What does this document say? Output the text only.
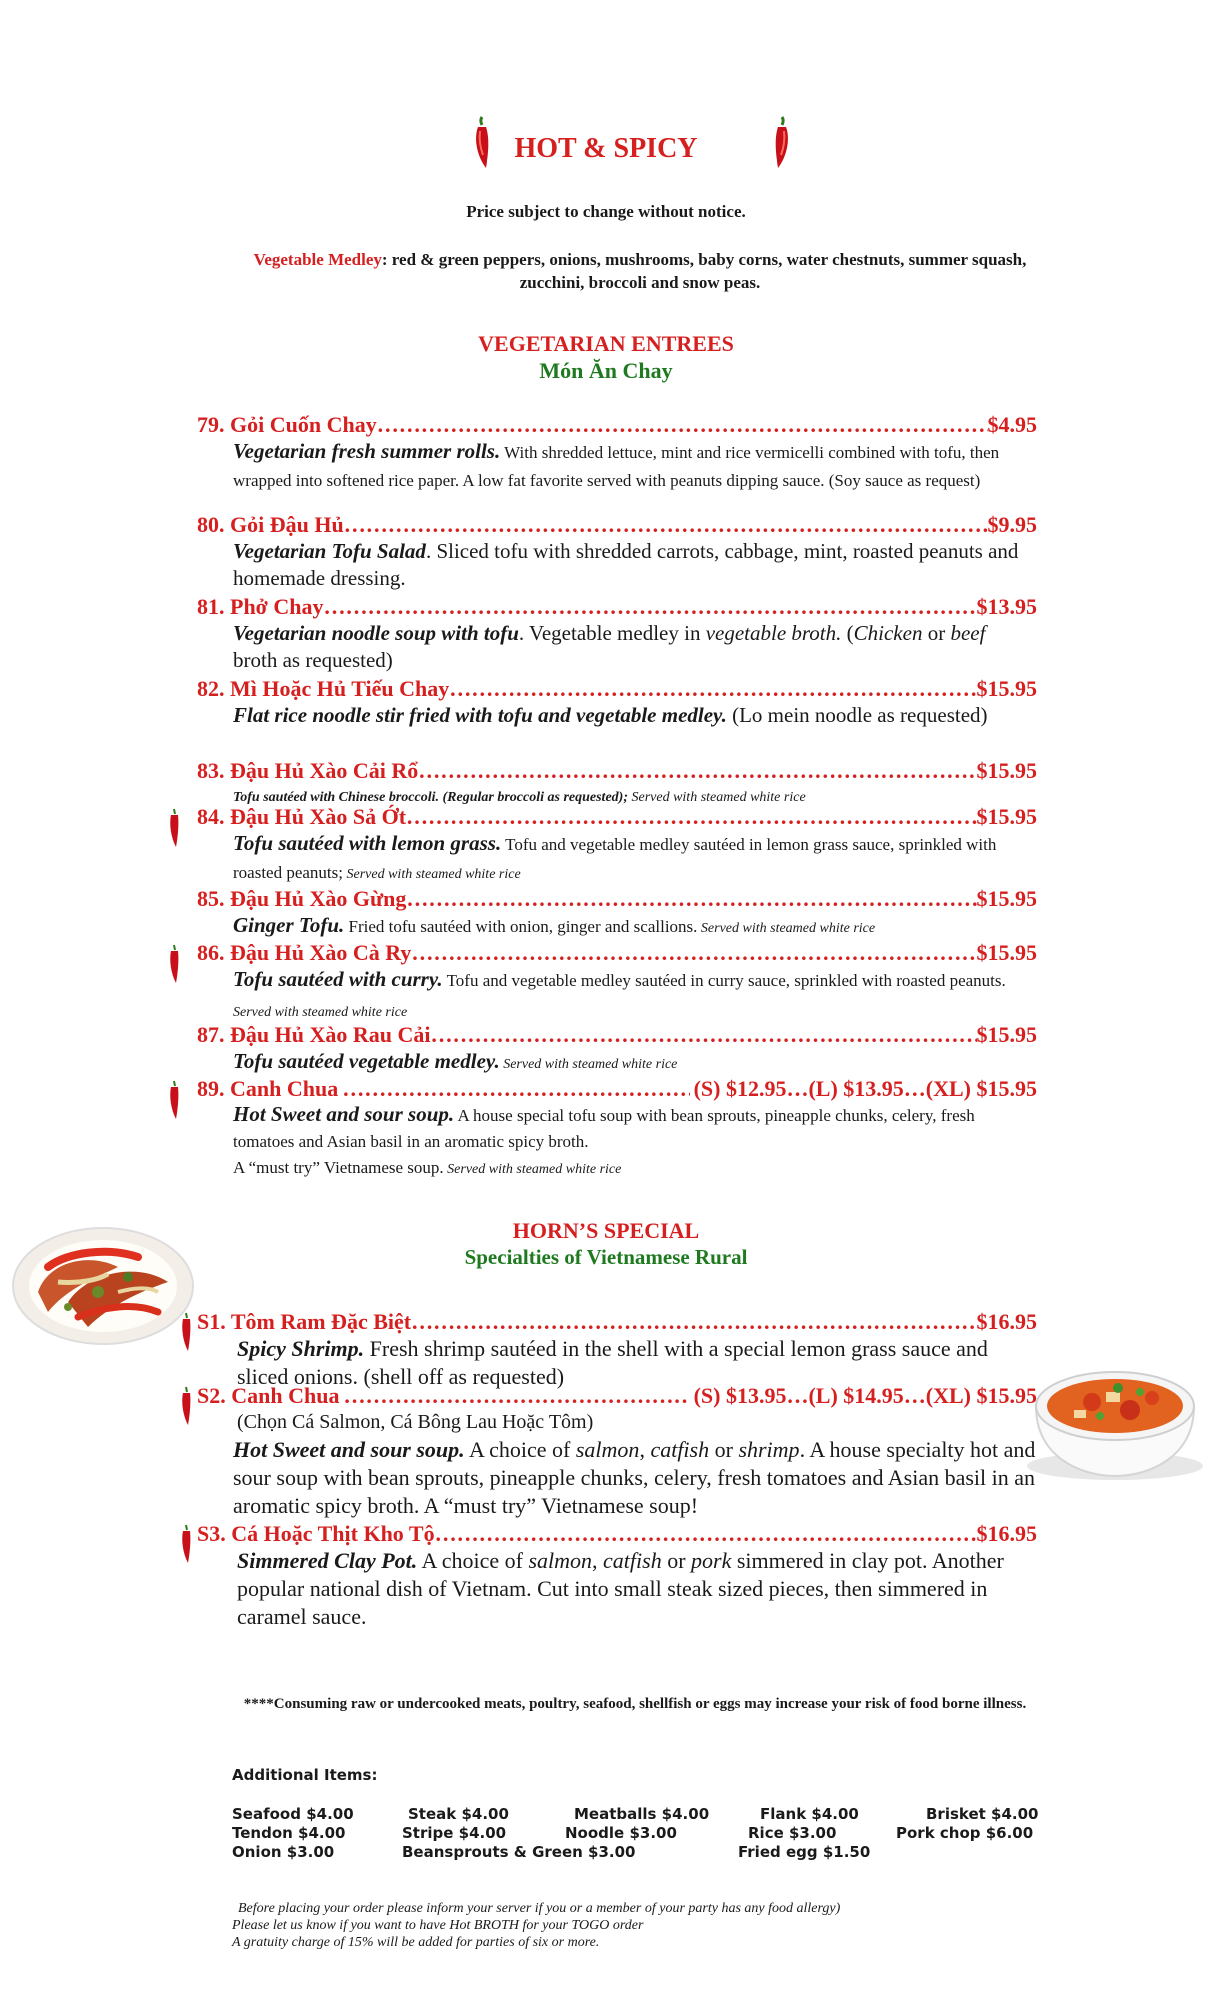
HOT & SPICY
Price subject to change without notice.
Vegetable Medley: red & green peppers, onions, mushrooms, baby corns, water chestnuts, summer squash, zucchini, broccoli and snow peas.
VEGETARIAN ENTREES
Món Ăn Chay
79. Gỏi Cuốn Chay …………………………………………………………………………………………………………………………………………………	$4.95
Vegetarian fresh summer rolls. With shredded lettuce, mint and rice vermicelli combined with tofu, then wrapped into softened rice paper. A low fat favorite served with peanuts dipping sauce. (Soy sauce as request)
80. Gỏi Đậu Hủ …………………………………………………………………………………………………………………………………………………	$9.95
Vegetarian Tofu Salad. Sliced tofu with shredded carrots, cabbage, mint, roasted peanuts and homemade dressing.
81. Phở Chay …………………………………………………………………………………………………………………………………………………	$13.95
Vegetarian noodle soup with tofu. Vegetable medley in vegetable broth. (Chicken or beef broth as requested)
82. Mì Hoặc Hủ Tiếu Chay …………………………………………………………………………………………………………………………………………………	$15.95
Flat rice noodle stir fried with tofu and vegetable medley. (Lo mein noodle as requested)
83. Đậu Hủ Xào Cải Rổ …………………………………………………………………………………………………………………………………………………	$15.95
Tofu sautéed with Chinese broccoli. (Regular broccoli as requested); Served with steamed white rice
84. Đậu Hủ Xào Sả Ớt …………………………………………………………………………………………………………………………………………………	$15.95
Tofu sautéed with lemon grass. Tofu and vegetable medley sautéed in lemon grass sauce, sprinkled with roasted peanuts; Served with steamed white rice
85. Đậu Hủ Xào Gừng …………………………………………………………………………………………………………………………………………………	$15.95
Ginger Tofu. Fried tofu sautéed with onion, ginger and scallions. Served with steamed white rice
86. Đậu Hủ Xào Cà Ry …………………………………………………………………………………………………………………………………………………	$15.95
Tofu sautéed with curry. Tofu and vegetable medley sautéed in curry sauce, sprinkled with roasted peanuts. Served with steamed white rice
87. Đậu Hủ Xào Rau Cải …………………………………………………………………………………………………………………………………………………	$15.95
Tofu sautéed vegetable medley. Served with steamed white rice
89. Canh Chua …………………………………………………………………………………………………………………………………………………	(S) $12.95…(L) $13.95…(XL) $15.95
Hot Sweet and sour soup. A house special tofu soup with bean sprouts, pineapple chunks, celery, fresh tomatoes and Asian basil in an aromatic spicy broth.
A “must try” Vietnamese soup. Served with steamed white rice
HORN’S SPECIAL
Specialties of Vietnamese Rural
S1. Tôm Ram Đặc Biệt …………………………………………………………………………………………………………………………………………………	$16.95
Spicy Shrimp. Fresh shrimp sautéed in the shell with a special lemon grass sauce and sliced onions. (shell off as requested)
S2. Canh Chua …………………………………………………………………………………………………………………………………………………	(S) $13.95…(L) $14.95…(XL) $15.95
(Chọn Cá Salmon, Cá Bông Lau Hoặc Tôm)
Hot Sweet and sour soup. A choice of salmon, catfish or shrimp. A house specialty hot and sour soup with bean sprouts, pineapple chunks, celery, fresh tomatoes and Asian basil in an aromatic spicy broth. A “must try” Vietnamese soup!
S3. Cá Hoặc Thịt Kho Tộ …………………………………………………………………………………………………………………………………………………	$16.95
Simmered Clay Pot. A choice of salmon, catfish or pork simmered in clay pot. Another popular national dish of Vietnam. Cut into small steak sized pieces, then simmered in caramel sauce.
****Consuming raw or undercooked meats, poultry, seafood, shellfish or eggs may increase your risk of food borne illness.
Additional Items:
Seafood $4.00	Steak $4.00	Meatballs $4.00	Flank $4.00	Brisket $4.00
Tendon $4.00	Stripe $4.00	Noodle $3.00	Rice $3.00	Pork chop $6.00
Onion $3.00	Beansprouts & Green $3.00	Fried egg $1.50
Before placing your order please inform your server if you or a member of your party has any food allergy)
Please let us know if you want to have Hot BROTH for your TOGO order
A gratuity charge of 15% will be added for parties of six or more.
